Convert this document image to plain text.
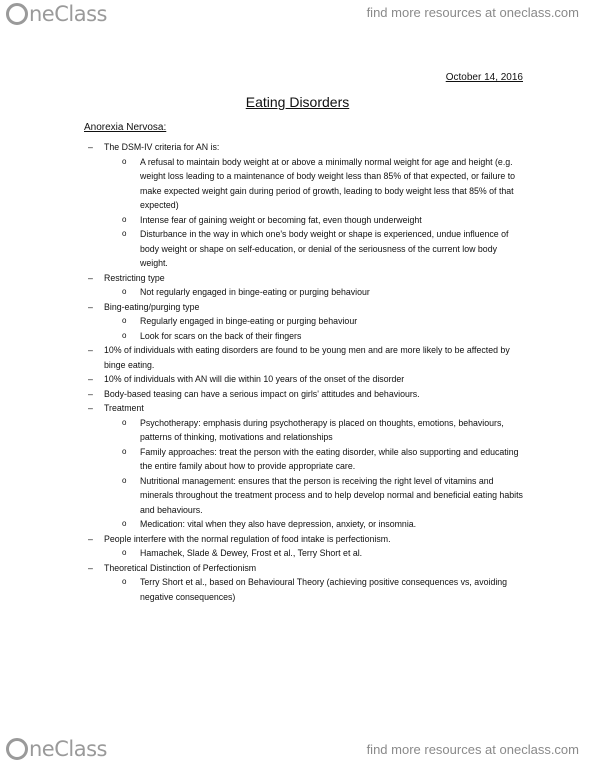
neClass	find more resources at oneclass.com
October 14, 2016
Eating Disorders
Anorexia Nervosa:
– The DSM-IV criteria for AN is:
o A refusal to maintain body weight at or above a minimally normal weight for age and height (e.g. weight loss leading to a maintenance of body weight less than 85% of that expected, or failure to make expected weight gain during period of growth, leading to body weight less that 85% of that expected)
o Intense fear of gaining weight or becoming fat, even though underweight
o Disturbance in the way in which one's body weight or shape is experienced, undue influence of body weight or shape on self-education, or denial of the seriousness of the current low body weight.
– Restricting type
o Not regularly engaged in binge-eating or purging behaviour
– Bing-eating/purging type
o Regularly engaged in binge-eating or purging behaviour
o Look for scars on the back of their fingers
– 10% of individuals with eating disorders are found to be young men and are more likely to be affected by binge eating.
– 10% of individuals with AN will die within 10 years of the onset of the disorder
– Body-based teasing can have a serious impact on girls' attitudes and behaviours.
– Treatment
o Psychotherapy: emphasis during psychotherapy is placed on thoughts, emotions, behaviours, patterns of thinking, motivations and relationships
o Family approaches: treat the person with the eating disorder, while also supporting and educating the entire family about how to provide appropriate care.
o Nutritional management: ensures that the person is receiving the right level of vitamins and minerals throughout the treatment process and to help develop normal and beneficial eating habits and behaviours.
o Medication: vital when they also have depression, anxiety, or insomnia.
– People interfere with the normal regulation of food intake is perfectionism.
o Hamachek, Slade & Dewey, Frost et al., Terry Short et al.
– Theoretical Distinction of Perfectionism
o Terry Short et al., based on Behavioural Theory (achieving positive consequences vs, avoiding negative consequences)
neClass	find more resources at oneclass.com
